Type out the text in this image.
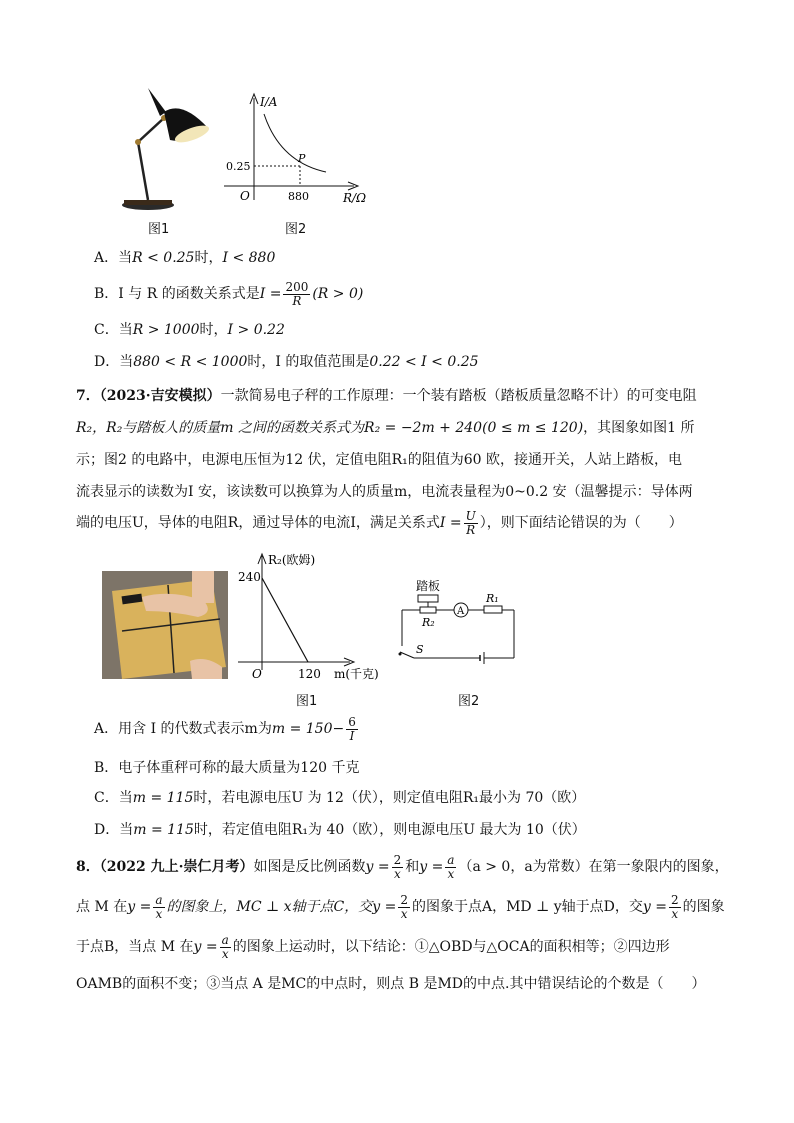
图1
I/A
R/Ω
O
0.25
880
P
图2
A．当R < 0.25时，I < 880
B．I 与 R 的函数关系式是$I = \frac{200}{R} (R > 0)$
C．当R > 1000时，I > 0.22
D．当880 < R < 1000时，I 的取值范围是0.22 < I < 0.25
7．（2023·吉安模拟）一款简易电子秤的工作原理：一个装有踏板（踏板质量忽略不计）的可变电阻
R₂，R₂与踏板人的质量m 之间的函数关系式为R₂ = −2m + 240(0 ≤ m ≤ 120)，其图象如图1 所
示；图2 的电路中，电源电压恒为12 伏，定值电阻R₁的阻值为60 欧，接通开关，人站上踏板，电
流表显示的读数为I 安，该读数可以换算为人的质量m，电流表量程为0~0.2 安（温馨提示：导体两
端的电压U，导体的电阻R，通过导体的电流I，满足关系式$I = \frac{U}{R}$ ），则下面结论错误的为（　　）
R₂(欧姆)
240
O	120 m(千克)
图1
踏板
R₂
A
R₁
S
图2
A．用含 I 的代数式表示m为$m = 150- \frac{6}{I}$
B．电子体重秤可称的最大质量为120 千克
C．当m = 115时，若电源电压U 为 12（伏），则定值电阻R₁最小为 70（欧）
D．当m = 115时，若定值电阻R₁为 40（欧），则电源电压U 最大为 10（伏）
8．（2022 九上·崇仁月考）如图是反比例函数$y = \frac{2}{x}$ 和$y = \frac{a}{x} (a > 0$，a为常数）在第一象限内的图象，
点 M 在$y = \frac{a}{x}$ 的图象上，MC ⊥ x轴于点C，交$y = \frac{2}{x}$ 的图象于点A，MD ⊥ y轴于点D，交$y = \frac{2}{x}$ 的图象
于点B，当点 M 在$y = \frac{a}{x}$ 的图象上运动时，以下结论：①△OBD与△OCA的面积相等；②四边形
OAMB的面积不变；③当点 A 是MC的中点时，则点 B 是MD的中点.其中错误结论的个数是（　　）
